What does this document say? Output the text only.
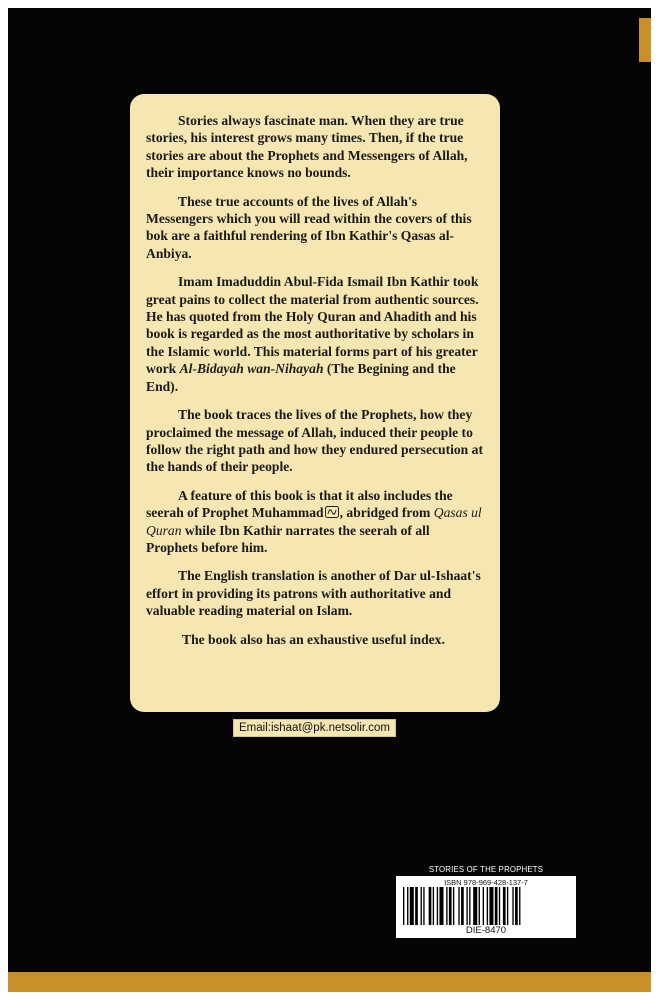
Stories always fascinate man. When they are true stories, his interest grows many times. Then, if the true stories are about the Prophets and Messengers of Allah, their importance knows no bounds.

These true accounts of the lives of Allah's Messengers which you will read within the covers of this bok are a faithful rendering of Ibn Kathir's Qasas al-Anbiya.

Imam Imaduddin Abul-Fida Ismail Ibn Kathir took great pains to collect the material from authentic sources. He has quoted from the Holy Quran and Ahadith and his book is regarded as the most authoritative by scholars in the Islamic world. This material forms part of his greater work Al-Bidayah wan-Nihayah (The Begining and the End).

The book traces the lives of the Prophets, how they proclaimed the message of Allah, induced their people to follow the right path and how they endured persecution at the hands of their people.

A feature of this book is that it also includes the seerah of Prophet Muhammad , abridged from Qasas ul Quran while Ibn Kathir narrates the seerah of all Prophets before him.

The English translation is another of Dar ul-Ishaat's effort in providing its patrons with authoritative and valuable reading material on Islam.

The book also has an exhaustive useful index.

Email:ishaat@pk.netsolir.com
STORIES OF THE PROPHETS
ISBN 978-969-428-137-7
DIE-8470
